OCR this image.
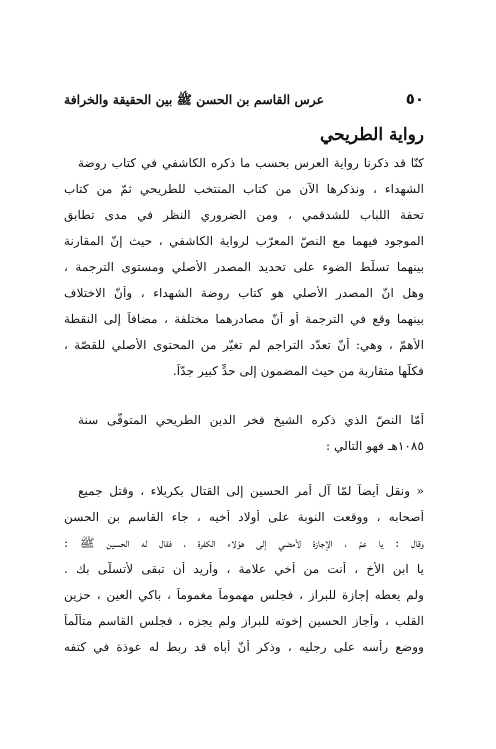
٥٠
عرس القاسم بن الحسن ﷺ بين الحقيقة والخرافة
رواية الطريحي
كنّا قد ذكرنا رواية العرس بحسب ما ذكره الكاشفي في كتاب روضة
الشهداء ، ونذكرها الآن من كتاب المنتخب للطريحي ثمّ من كتاب
تحفة اللباب للشدقمي ، ومن الضروري النظر في مدى تطابق
الموجود فيهما مع النصّ المعرّب لرواية الكاشفي ، حيث إنّ المقارنة
بينهما تسلّط الضوء على تحديد المصدر الأصلي ومستوى الترجمة ،
وهل انّ المصدر الأصلي هو كتاب روضة الشهداء ، وأنّ الاختلاف
بينهما وقع في الترجمة أو أنّ مصادرهما مختلفة ، مضافاً إلى النقطة
الأهمّ ، وهي: أنّ تعدّد التراجم لم تغيّر من المحتوى الأصلي للقصّة ،
فكلّها متقاربة من حيث المضمون إلى حدٍّ كبير جدّاً.
أمّا النصّ الذي ذكره الشيخ فخر الدين الطريحي المتوفّى سنة
١٠٨٥هـ فهو التالي :
« ونقل أيضاً لمّا آل أمر الحسين إلى القتال بكربلاء ، وقتل جميع
أصحابه ، ووقعت النوبة على أولاد أخيه ، جاء القاسم بن الحسن
وقال : يا عمّ ، الإجازة لأمضي إلى هؤلاء الكفرة ، فقال له الحسين ﷺ :
يا ابن الأخ ، أنت من أخي علامة ، وأريد أن تبقى لأتسلّى بك .
ولم يعطه إجازة للبراز ، فجلس مهموماً مغموماً ، باكي العين ، حزين
القلب ، وأجاز الحسين إخوته للبراز ولم يجزه ، فجلس القاسم متألّماً
ووضع رأسه على رجليه ، وذكر أنّ أباه قد ربط له عوذة في كتفه
